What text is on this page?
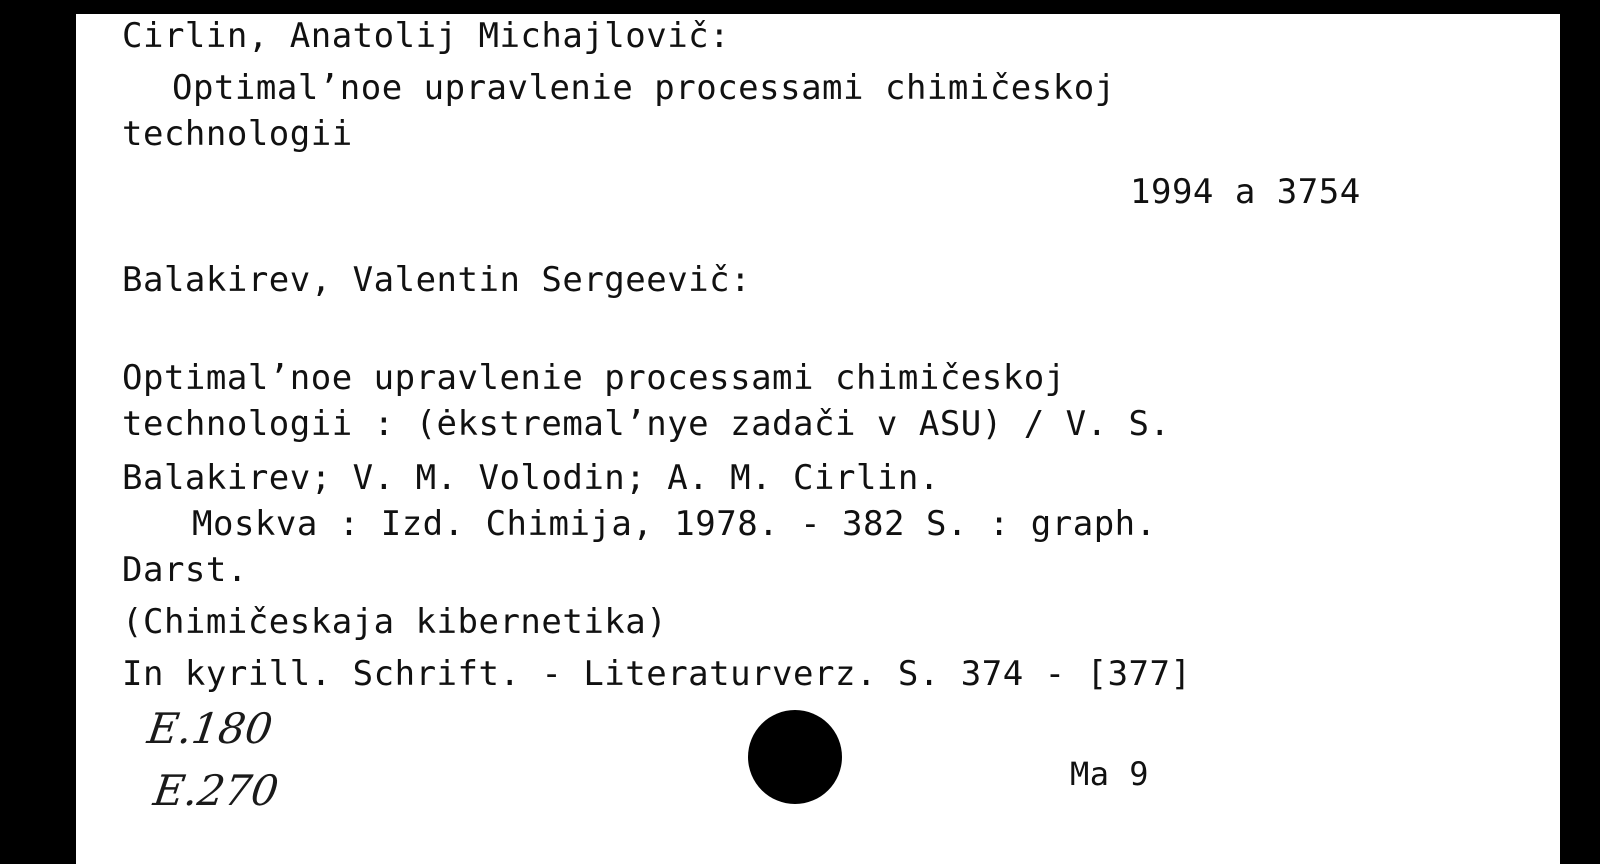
Cirlin, Anatolij Michajlovič:

Optimal’noe upravlenie processami chimičeskoj

technologii

1994 a 3754

Balakirev, Valentin Sergeevič:

Optimal’noe upravlenie processami chimičeskoj

technologii : (ėkstremal’nye zadači v ASU) / V. S.

Balakirev; V. M. Volodin; A. M. Cirlin.

Moskva : Izd. Chimija, 1978. - 382 S. : graph.

Darst.

(Chimičeskaja kibernetika)

In kyrill. Schrift. - Literaturverz. S. 374 - [377]

E.180
E.270	Ma 9
